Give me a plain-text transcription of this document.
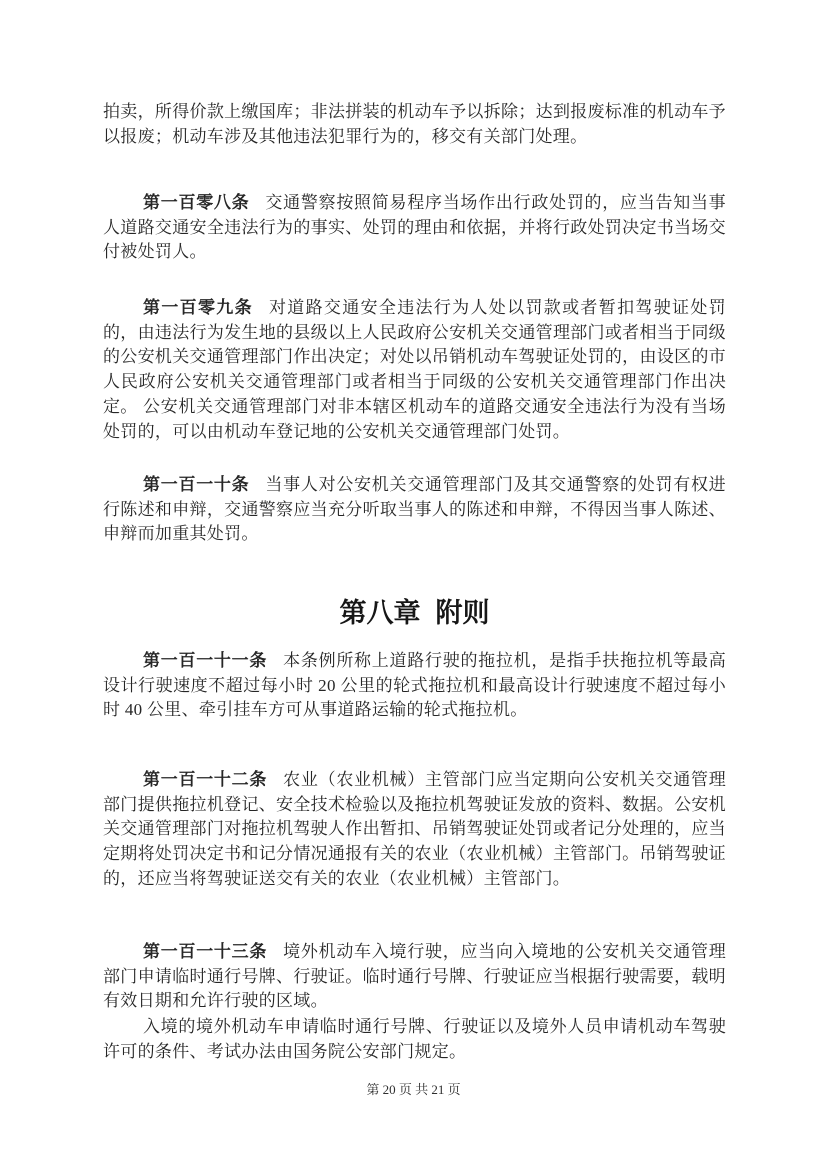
拍卖，所得价款上缴国库；非法拼装的机动车予以拆除；达到报废标准的机动车予以报废；机动车涉及其他违法犯罪行为的，移交有关部门处理。

第一百零八条 交通警察按照简易程序当场作出行政处罚的，应当告知当事人道路交通安全违法行为的事实、处罚的理由和依据，并将行政处罚决定书当场交付被处罚人。

第一百零九条 对道路交通安全违法行为人处以罚款或者暂扣驾驶证处罚的，由违法行为发生地的县级以上人民政府公安机关交通管理部门或者相当于同级的公安机关交通管理部门作出决定；对处以吊销机动车驾驶证处罚的，由设区的市人民政府公安机关交通管理部门或者相当于同级的公安机关交通管理部门作出决定。 公安机关交通管理部门对非本辖区机动车的道路交通安全违法行为没有当场处罚的，可以由机动车登记地的公安机关交通管理部门处罚。

第一百一十条 当事人对公安机关交通管理部门及其交通警察的处罚有权进行陈述和申辩，交通警察应当充分听取当事人的陈述和申辩，不得因当事人陈述、申辩而加重其处罚。

第八章 附则

第一百一十一条 本条例所称上道路行驶的拖拉机，是指手扶拖拉机等最高设计行驶速度不超过每小时 20 公里的轮式拖拉机和最高设计行驶速度不超过每小时 40 公里、牵引挂车方可从事道路运输的轮式拖拉机。

第一百一十二条 农业（农业机械）主管部门应当定期向公安机关交通管理部门提供拖拉机登记、安全技术检验以及拖拉机驾驶证发放的资料、数据。公安机关交通管理部门对拖拉机驾驶人作出暂扣、吊销驾驶证处罚或者记分处理的，应当定期将处罚决定书和记分情况通报有关的农业（农业机械）主管部门。吊销驾驶证的，还应当将驾驶证送交有关的农业（农业机械）主管部门。

第一百一十三条 境外机动车入境行驶，应当向入境地的公安机关交通管理部门申请临时通行号牌、行驶证。临时通行号牌、行驶证应当根据行驶需要，载明有效日期和允许行驶的区域。

入境的境外机动车申请临时通行号牌、行驶证以及境外人员申请机动车驾驶许可的条件、考试办法由国务院公安部门规定。

第 20 页 共 21 页
